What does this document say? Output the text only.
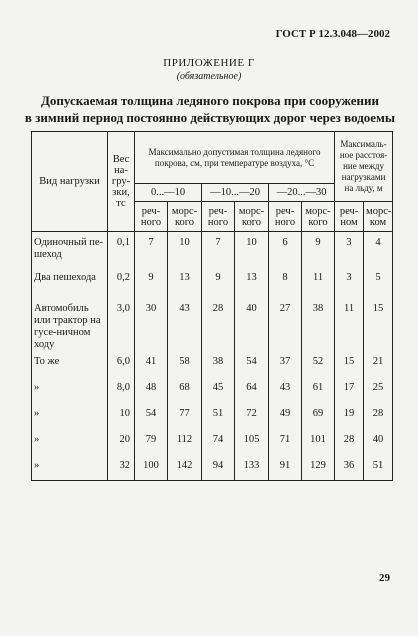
ГОСТ Р 12.3.048—2002
ПРИЛОЖЕНИЕ Г
(обязательное)
Допускаемая толщина ледяного покрова при сооружении
в зимний период постоянно действующих дорог через водоемы
Вид нагрузки	Вес на-гру-зки, тс	Максимально допустимая толщина ледяного покрова, см, при температуре воздуха, °С						Максималь-ное расстоя-ние между нагрузками на льду, м	
		0...—10		—10...—20		—20...—30			
		реч-ного	морс-кого	реч-ного	морс-кого	реч-ного	морс-кого	реч-ном	морс-ком
Одиночный пе-шеход	0,1	7	10	7	10	6	9	3	4
Два пешехода	0,2	9	13	9	13	8	11	3	5
Автомобиль или трактор на гусе-ничном ходу	3,0	30	43	28	40	27	38	11	15
То же	6,0	41	58	38	54	37	52	15	21
»	8,0	48	68	45	64	43	61	17	25
»	10	54	77	51	72	49	69	19	28
»	20	79	112	74	105	71	101	28	40
»	32	100	142	94	133	91	129	36	51
29
